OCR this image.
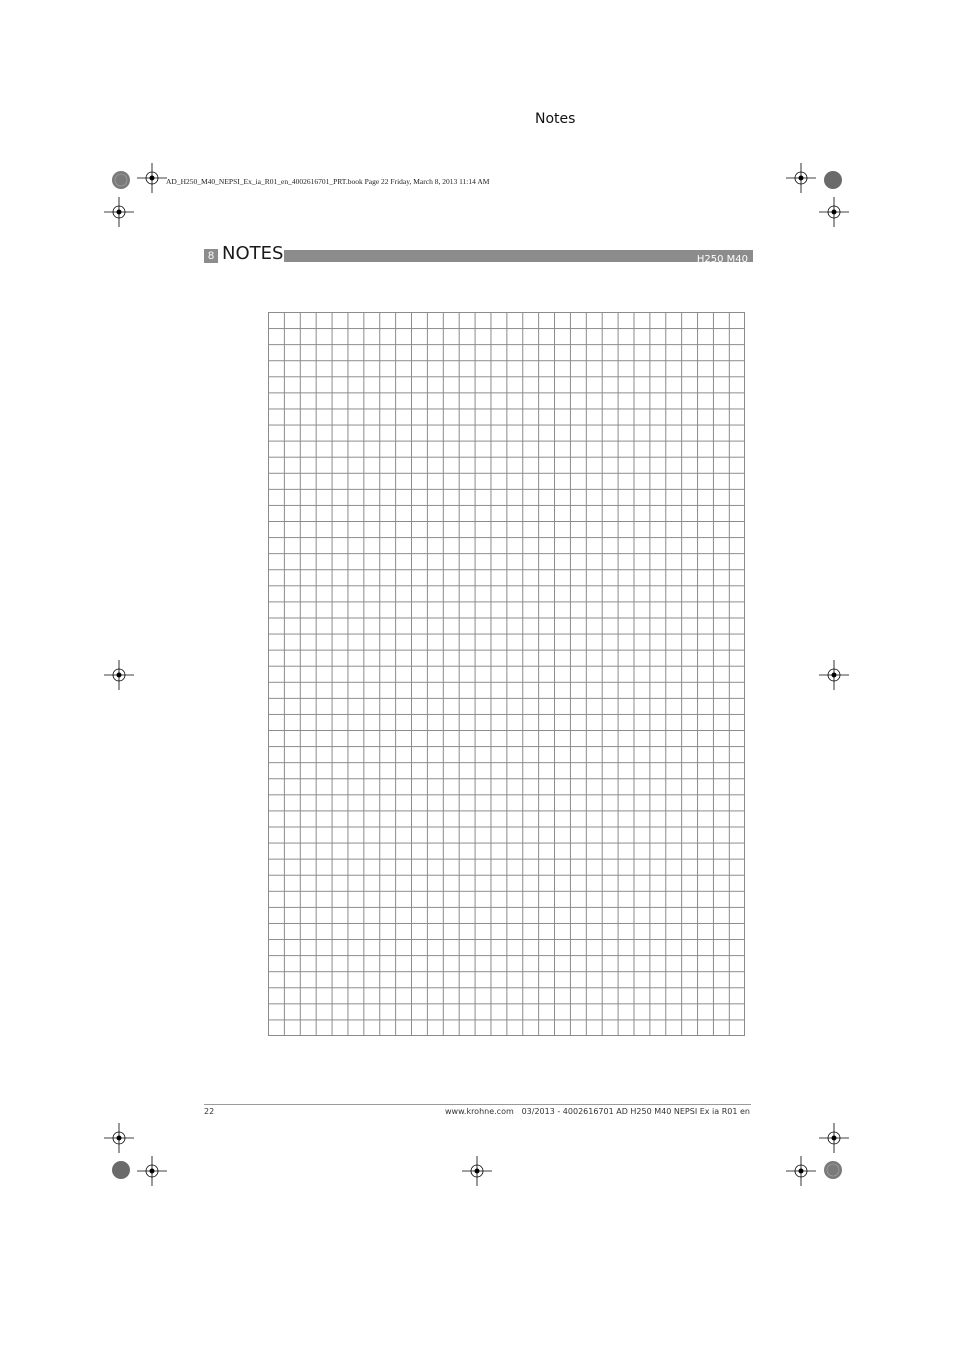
Notes
AD_H250_M40_NEPSI_Ex_ia_R01_en_4002616701_PRT.book Page 22 Friday, March 8, 2013 11:14 AM
8 NOTES	H250 M40
22	www.krohne.com 03/2013 - 4002616701 AD H250 M40 NEPSI Ex ia R01 en
